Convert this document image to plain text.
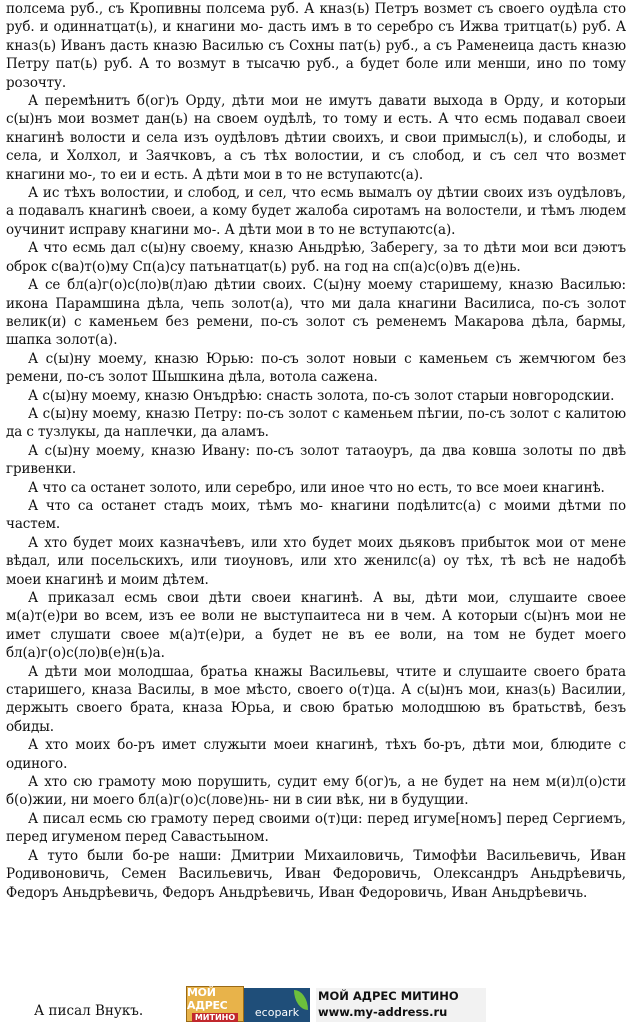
полсема руб., съ Кропивны полсема руб. А кназ(ь) Петръ возмет съ своего оудѣла сто руб. и одиннатцат(ь), и кнагини мо‑ дасть имъ в то серебро съ Ижва тритцат(ь) руб. А кназ(ь) Иванъ дасть кназю Василью съ Сохны пат(ь) руб., а съ Раменеица дасть кназю Петру пат(ь) руб. А то возмут в тысачю руб., а будет боле или менши, ино по тому розочту.

А перемѣнитъ б(ог)ъ Орду, дѣти мои не имутъ давати выхода в Орду, и которыи с(ы)нъ мои возмет дан(ь) на своем оудѣлѣ, то тому и есть. А что есмь подавал своеи кнагинѣ волости и села изъ оудѣловъ дѣтии своихъ, и свои примысл(ь), и слободы, и села, и Холхол, и Заячковъ, а съ тѣх волостии, и съ слобод, и съ сел что возмет кнагини мо‑, то еи и есть. А дѣти мои в то не вступаютс(а).

А ис тѣхъ волостии, и слобод, и сел, что есмь вымалъ оу дѣтии своих изъ оудѣловъ, а подавалъ кнагинѣ своеи, а кому будет жалоба сиротамъ на волостели, и тѣмъ людем оучинит исправу кнагини мо‑. А дѣти мои в то не вступаютс(а).

А что есмь дал с(ы)ну своему, кназю Аньдрѣю, Заберегу, за то дѣти мои вси дэютъ оброк с(ва)т(о)му Сп(а)су патьнатцат(ь) руб. на год на сп(а)с(о)въ д(е)нь.

А се бл(а)г(о)с(ло)в(л)аю дѣтии своих. С(ы)ну моему старишему, кназю Василью: икона Парамшина дѣла, чепь золот(а), что ми дала кнагини Василиса, по‑съ золот велик(и) с каменьем без ремени, по‑съ золот съ ременемъ Макарова дѣла, бармы, шапка золот(а).

А с(ы)ну моему, кназю Юрью: по‑съ золот новыи с каменьем съ жемчюгом без ремени, по‑съ золот Шышкина дѣла, вотола сажена.

А с(ы)ну моему, кназю Онъдрѣю: снасть золота, по‑съ золот старыи новгородскии.

А с(ы)ну моему, кназю Петру: по‑съ золот с каменьем пѣгии, по‑съ золот с калитою да с тузлукы, да наплечки, да аламъ.

А с(ы)ну моему, кназю Ивану: по‑съ золот татаоуръ, да два ковша золоты по двѣ гривенки.

А что са останет золото, или серебро, или иное что но есть, то все моеи кнагинѣ.

А что са останет стадъ моих, тѣмъ мо‑ кнагини подѣлитс(а) с моими дѣтми по частем.

А хто будет моих казначѣевъ, или хто будет моих дьяковъ прибыток мои от мене вѣдал, или посельскихъ, или тиоуновъ, или хто женилс(а) оу тѣх, тѣ всѣ не надобѣ моеи кнагинѣ и моим дѣтем.

А приказал есмь свои дѣти своеи кнагинѣ. А вы, дѣти мои, слушаите своее м(а)т(е)ри во всем, изъ ее воли не выступаитеса ни в чем. А которыи с(ы)нъ мои не имет слушати своее м(а)т(е)ри, а будет не въ ее воли, на том не будет моего бл(а)г(о)с(ло)в(е)н(ь)а.

А дѣти мои молодшаа, братьа кнажы Васильевы, чтите и слушаите своего брата старишего, кназа Василы, в мое мѣсто, своего о(т)ца. А с(ы)нъ мои, кназ(ь) Василии, держыть своего брата, кназа Юрьа, и свою братью молодшюю въ братьствѣ, безъ обиды.

А хто моих бо‑ръ имет служыти моеи кнагинѣ, тѣхъ бо‑ръ, дѣти мои, блюдите с одиного.

А хто сю грамоту мою порушить, судит ему б(ог)ъ, а не будет на нем м(и)л(о)сти б(о)жии, ни моего бл(а)г(о)с(лове)нь‑ ни в сии вѣк, ни в будущии.

А писал есмь сю грамоту перед своими о(т)ци: перед игуме[номъ] перед Сергиемъ, перед игуменом перед Савастьыном.

А туто были бо‑ре наши: Дмитрии Михаиловичь, Тимофѣи Васильевичь, Иван Родивоновичь, Семен Васильевичь, Иван Федоровичь, Олександръ Аньдрѣевичь, Федоръ Аньдрѣевичь, Федоръ Аньдрѣевичь, Иван Федоровичь, Иван Аньдрѣевичь.

А писал Внукъ.
МОЙ АДРЕС
МИТИНО ecopark
МОЙ АДРЕС МИТИНО
www.my-address.ru
